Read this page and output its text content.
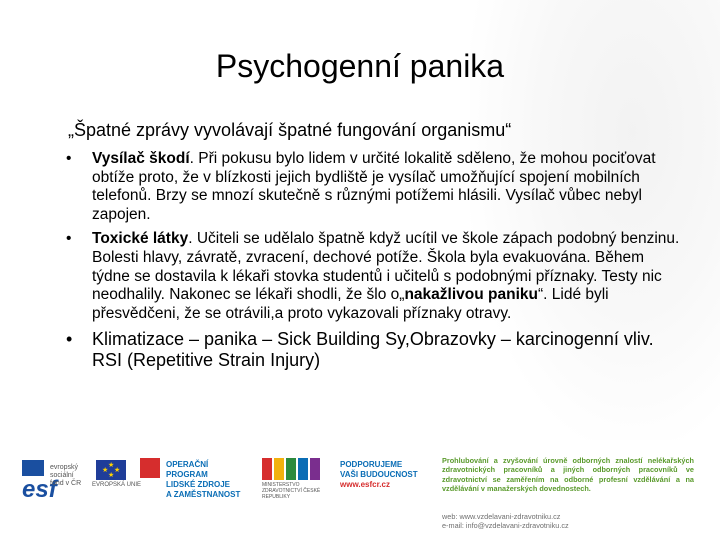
Psychogenní panika
„Špatné zprávy vyvolávají špatné fungování organismu“
• Vysílač škodí. Při pokusu bylo lidem v určité lokalitě sděleno, že mohou pociťovat obtíže proto, že v blízkosti jejich bydliště je vysílač umožňující spojení mobilních telefonů. Brzy se mnozí skutečně s různými potížemi hlásili. Vysílač vůbec nebyl zapojen.
• Toxické látky. Učiteli se udělalo špatně když ucítil ve škole zápach podobný benzinu. Bolesti hlavy, závratě, zvracení, dechové potíže. Škola byla evakuována. Během týdne se dostavila k lékaři stovka studentů i učitelů s podobnými příznaky. Testy nic neodhalily. Nakonec se lékaři shodli, že šlo o„nakažlivou paniku“. Lidé byli přesvědčeni, že se otrávili,a proto vykazovali příznaky otravy.
• Klimatizace – panika – Sick Building Sy,Obrazovky – karcinogenní vliv. RSI (Repetitive Strain Injury)
esf
evropský sociální fond v ČR
★
★ ★
★
EVROPSKÁ UNIE
OPERAČNÍ PROGRAM
LIDSKÉ ZDROJE
A ZAMĚSTNANOST
MINISTERSTVO ZDRAVOTNICTVÍ ČESKÉ REPUBLIKY
PODPORUJEME
VAŠI BUDOUCNOST
www.esfcr.cz
Prohlubování a zvyšování úrovně odborných znalostí nelékařských zdravotnických pracovníků a jiných odborných pracovníků ve zdravotnictví se zaměřením na odborné profesní vzdělávání a na vzdělávání v manažerských dovednostech.
web: www.vzdelavani-zdravotniku.cz
e-mail: info@vzdelavani-zdravotniku.cz
